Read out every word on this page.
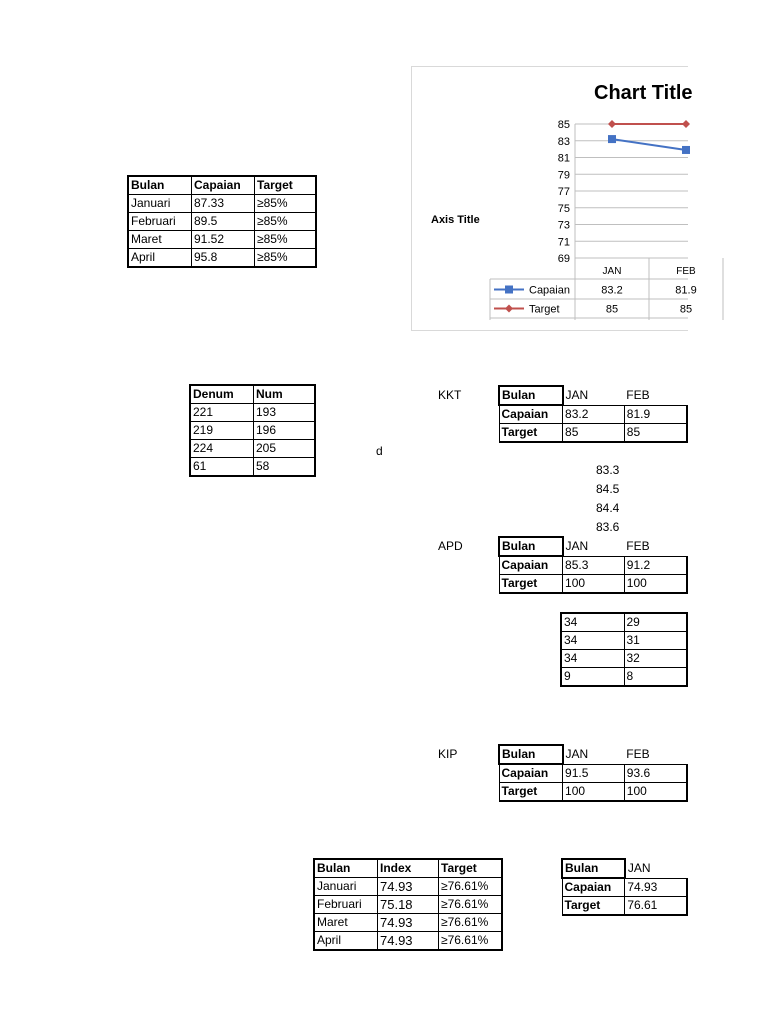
Bulan	Capaian	Target
Januari	87.33	≥85%
Februari	89.5	≥85%
Maret	91.52	≥85%
April	95.8	≥85%
Denum	Num
221	193
219	196
224	205
61	58
d
Chart Title
Axis Title
85
83
81
79
77
75
73
71
69
JAN	FEB
Capaian	83.2	81.9
Target	85	85
KKT	Bulan	JAN	FEB
Capaian	83.2	81.9
Target	85	85
83.3
84.5
84.4
83.6
APD	Bulan	JAN	FEB
Capaian	85.3	91.2
Target	100	100
34	29
34	31
34	32
9	8
KIP	Bulan	JAN	FEB
Capaian	91.5	93.6
Target	100	100
Bulan	Index	Target
Januari	74.93	≥76.61%
Februari	75.18	≥76.61%
Maret	74.93	≥76.61%
April	74.93	≥76.61%
Bulan	JAN
Capaian	74.93
Target	76.61
